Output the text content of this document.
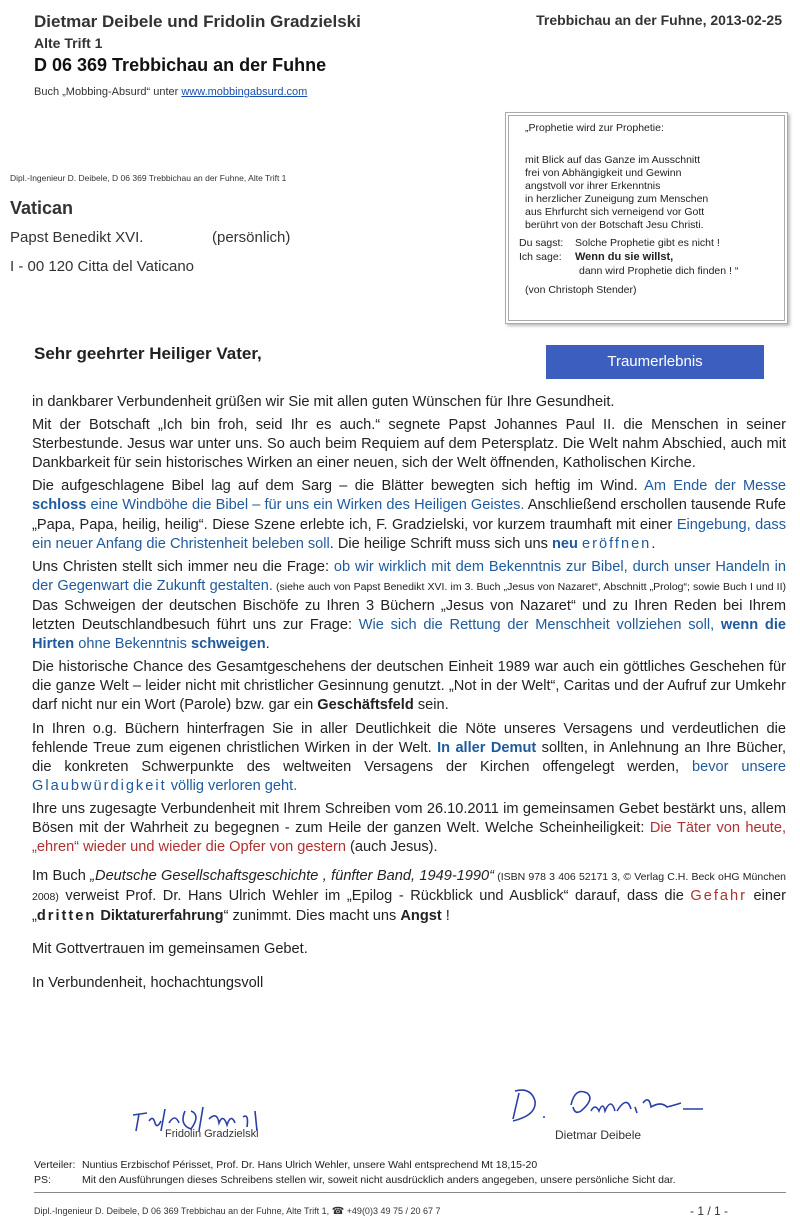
Dietmar Deibele und Fridolin Gradzielski
Alte Trift 1
D 06 369 Trebbichau an der Fuhne
Trebbichau an der Fuhne, 2013-02-25
Buch „Mobbing-Absurd“ unter www.mobbingabsurd.com
„Prophetie wird zur Prophetie:
mit Blick auf das Ganze im Ausschnitt
frei von Abhängigkeit und Gewinn
angstvoll vor ihrer Erkenntnis
in herzlicher Zuneigung zum Menschen
aus Ehrfurcht sich verneigend vor Gott
berührt von der Botschaft Jesu Christi.
Du sagst: Solche Prophetie gibt es nicht !
Ich sage: Wenn du sie willst,
dann wird Prophetie dich finden ! “
(von Christoph Stender)
Dipl.-Ingenieur D. Deibele, D 06 369 Trebbichau an der Fuhne, Alte Trift 1
Vatican
Papst Benedikt XVI.	(persönlich)
I - 00 120 Citta del Vaticano
Sehr geehrter Heiliger Vater,	Traumerlebnis

in dankbarer Verbundenheit grüßen wir Sie mit allen guten Wünschen für Ihre Gesundheit.

Mit der Botschaft „Ich bin froh, seid Ihr es auch.“ segnete Papst Johannes Paul II. die Menschen in seiner Sterbestunde. Jesus war unter uns. So auch beim Requiem auf dem Petersplatz. Die Welt nahm Abschied, auch mit Dankbarkeit für sein historisches Wirken an einer neuen, sich der Welt öffnenden, Katholischen Kirche.

Die aufgeschlagene Bibel lag auf dem Sarg – die Blätter bewegten sich heftig im Wind. Am Ende der Messe schloss eine Windböhe die Bibel – für uns ein Wirken des Heiligen Geistes. Anschließend erschollen tausende Rufe „Papa, Papa, heilig, heilig“. Diese Szene erlebte ich, F. Gradzielski, vor kurzem traumhaft mit einer Eingebung, dass ein neuer Anfang die Christenheit beleben soll. Die heilige Schrift muss sich uns neu eröffnen.

Uns Christen stellt sich immer neu die Frage: ob wir wirklich mit dem Bekenntnis zur Bibel, durch unser Handeln in der Gegenwart die Zukunft gestalten. (siehe auch von Papst Benedikt XVI. im 3. Buch „Jesus von Nazaret“, Abschnitt „Prolog“; sowie Buch I und II) Das Schweigen der deutschen Bischöfe zu Ihren 3 Büchern „Jesus von Nazaret“ und zu Ihren Reden bei Ihrem letzten Deutschlandbesuch führt uns zur Frage: Wie sich die Rettung der Menschheit vollziehen soll, wenn die Hirten ohne Bekenntnis schweigen.

Die historische Chance des Gesamtgeschehens der deutschen Einheit 1989 war auch ein göttliches Geschehen für die ganze Welt – leider nicht mit christlicher Gesinnung genutzt. „Not in der Welt“, Caritas und der Aufruf zur Umkehr darf nicht nur ein Wort (Parole) bzw. gar ein Geschäftsfeld sein.

In Ihren o.g. Büchern hinterfragen Sie in aller Deutlichkeit die Nöte unseres Versagens und verdeutlichen die fehlende Treue zum eigenen christlichen Wirken in der Welt. In aller Demut sollten, in Anlehnung an Ihre Bücher, die konkreten Schwerpunkte des weltweiten Versagens der Kirchen offengelegt werden, bevor unsere Glaubwürdigkeit völlig verloren geht.

Ihre uns zugesagte Verbundenheit mit Ihrem Schreiben vom 26.10.2011 im gemeinsamen Gebet bestärkt uns, allem Bösen mit der Wahrheit zu begegnen - zum Heile der ganzen Welt. Welche Scheinheiligkeit: Die Täter von heute, „ehren“ wieder und wieder die Opfer von gestern (auch Jesus).

Im Buch „Deutsche Gesellschaftsgeschichte , fünfter Band, 1949-1990“ (ISBN 978 3 406 52171 3, © Verlag C.H. Beck oHG München 2008) verweist Prof. Dr. Hans Ulrich Wehler im „Epilog - Rückblick und Ausblick“ darauf, dass die Gefahr einer „dritten Diktaturerfahrung“ zunimmt. Dies macht uns Angst !

Mit Gottvertrauen im gemeinsamen Gebet.

In Verbundenheit, hochachtungsvoll

Fridolin Gradzielski	Dietmar Deibele
Verteiler: Nuntius Erzbischof Périsset, Prof. Dr. Hans Ulrich Wehler, unsere Wahl entsprechend Mt 18,15-20
PS:	Mit den Ausführungen dieses Schreibens stellen wir, soweit nicht ausdrücklich anders angegeben, unsere persönliche Sicht dar.
Dipl.-Ingenieur D. Deibele, D 06 369 Trebbichau an der Fuhne, Alte Trift 1, ☎ +49(0)3 49 75 / 20 67 7	- 1 / 1 -
